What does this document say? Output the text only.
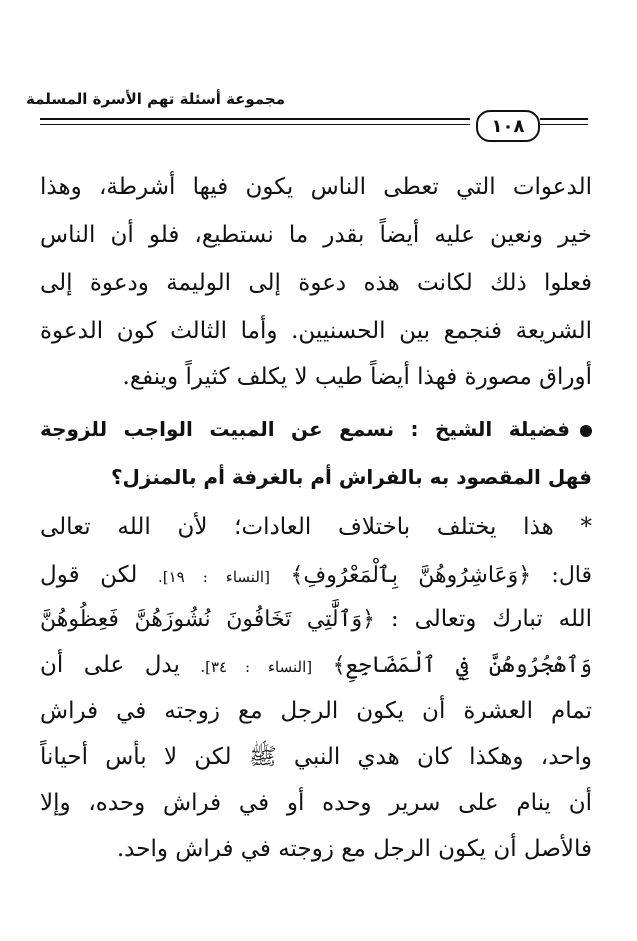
مجموعة أسئلة تهم الأسرة المسلمة
١٠٨
الدعوات التي تعطى الناس يكون فيها أشرطة، وهذا
خير ونعين عليه أيضاً بقدر ما نستطيع، فلو أن الناس
فعلوا ذلك لكانت هذه دعوة إلى الوليمة ودعوة إلى
الشريعة فنجمع بين الحسنيين. وأما الثالث كون الدعوة
أوراق مصورة فهذا أيضاً طيب لا يكلف كثيراً وينفع.
فضيلة الشيخ : نسمع عن المبيت الواجب للزوجة
فهل المقصود به بالفراش أم بالغرفة أم بالمنزل؟
* هذا يختلف باختلاف العادات؛ لأن الله تعالى
قال: ﴿وَعَاشِرُوهُنَّ بِٱلْمَعْرُوفِ﴾ [النساء : ١٩]. لكن قول
الله تبارك وتعالى : ﴿وَٱلَّٰتِي تَخَافُونَ نُشُوزَهُنَّ فَعِظُوهُنَّ
وَٱهْجُرُوهُنَّ فِي ٱلْمَضَاجِعِ﴾ [النساء : ٣٤]. يدل على أن
تمام العشرة أن يكون الرجل مع زوجته في فراش
واحد، وهكذا كان هدي النبي ﷺ لكن لا بأس أحياناً
أن ينام على سرير وحده أو في فراش وحده، وإلا
فالأصل أن يكون الرجل مع زوجته في فراش واحد.
